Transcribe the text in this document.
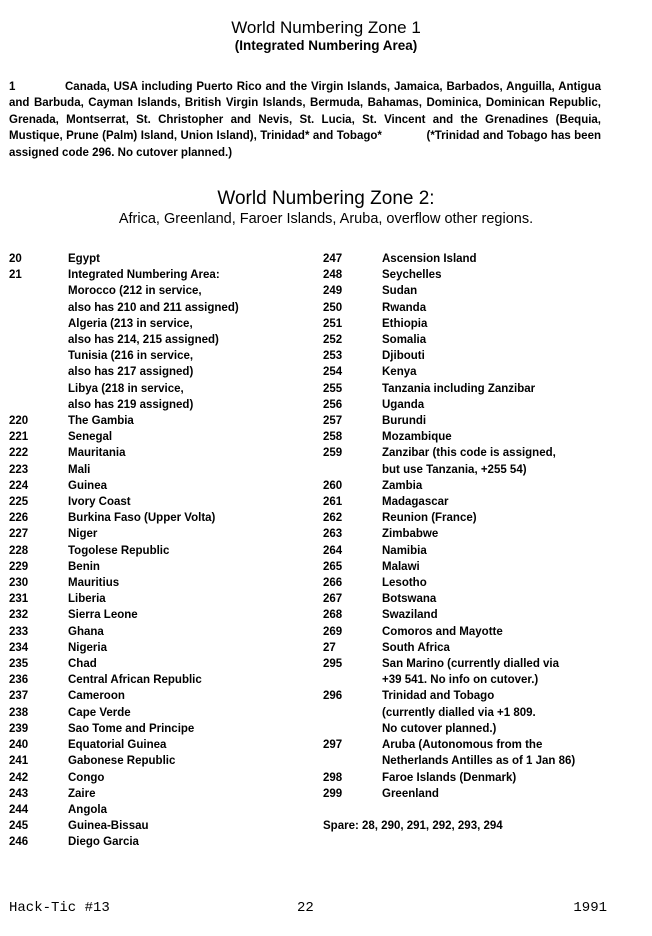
World Numbering Zone 1
(Integrated Numbering Area)
1	Canada, USA including Puerto Rico and the Virgin Islands, Jamaica, Barbados, Anguilla, Antigua and Barbuda, Cayman Islands, British Virgin Islands, Bermuda, Bahamas, Dominica, Dominican Republic, Grenada, Montserrat, St. Christopher and Nevis, St. Lucia, St. Vincent and the Grenadines (Bequia, Mustique, Prune (Palm) Island, Union Island), Trinidad* and Tobago*	(*Trinidad and Tobago has been assigned code 296. No cutover planned.)
World Numbering Zone 2:
Africa, Greenland, Faroer Islands, Aruba, overflow other regions.
20	Egypt
21	Integrated Numbering Area:
Morocco (212 in service,
also has 210 and 211 assigned)
Algeria (213 in service,
also has 214, 215 assigned)
Tunisia (216 in service,
also has 217 assigned)
Libya (218 in service,
also has 219 assigned)
220	The Gambia
221	Senegal
222	Mauritania
223	Mali
224	Guinea
225	Ivory Coast
226	Burkina Faso (Upper Volta)
227	Niger
228	Togolese Republic
229	Benin
230	Mauritius
231	Liberia
232	Sierra Leone
233	Ghana
234	Nigeria
235	Chad
236	Central African Republic
237	Cameroon
238	Cape Verde
239	Sao Tome and Principe
240	Equatorial Guinea
241	Gabonese Republic
242	Congo
243	Zaire
244	Angola
245	Guinea-Bissau
246	Diego Garcia
247	Ascension Island
248	Seychelles
249	Sudan
250	Rwanda
251	Ethiopia
252	Somalia
253	Djibouti
254	Kenya
255	Tanzania including Zanzibar
256	Uganda
257	Burundi
258	Mozambique
259	Zanzibar (this code is assigned,
but use Tanzania, +255 54)
260	Zambia
261	Madagascar
262	Reunion (France)
263	Zimbabwe
264	Namibia
265	Malawi
266	Lesotho
267	Botswana
268	Swaziland
269	Comoros and Mayotte
27	South Africa
295	San Marino (currently dialled via
+39 541. No info on cutover.)
296	Trinidad and Tobago
(currently dialled via +1 809.
No cutover planned.)
297	Aruba (Autonomous from the
Netherlands Antilles as of 1 Jan 86)
298	Faroe Islands (Denmark)
299	Greenland
Spare: 28, 290, 291, 292, 293, 294
Hack-Tic #13	22	1991
